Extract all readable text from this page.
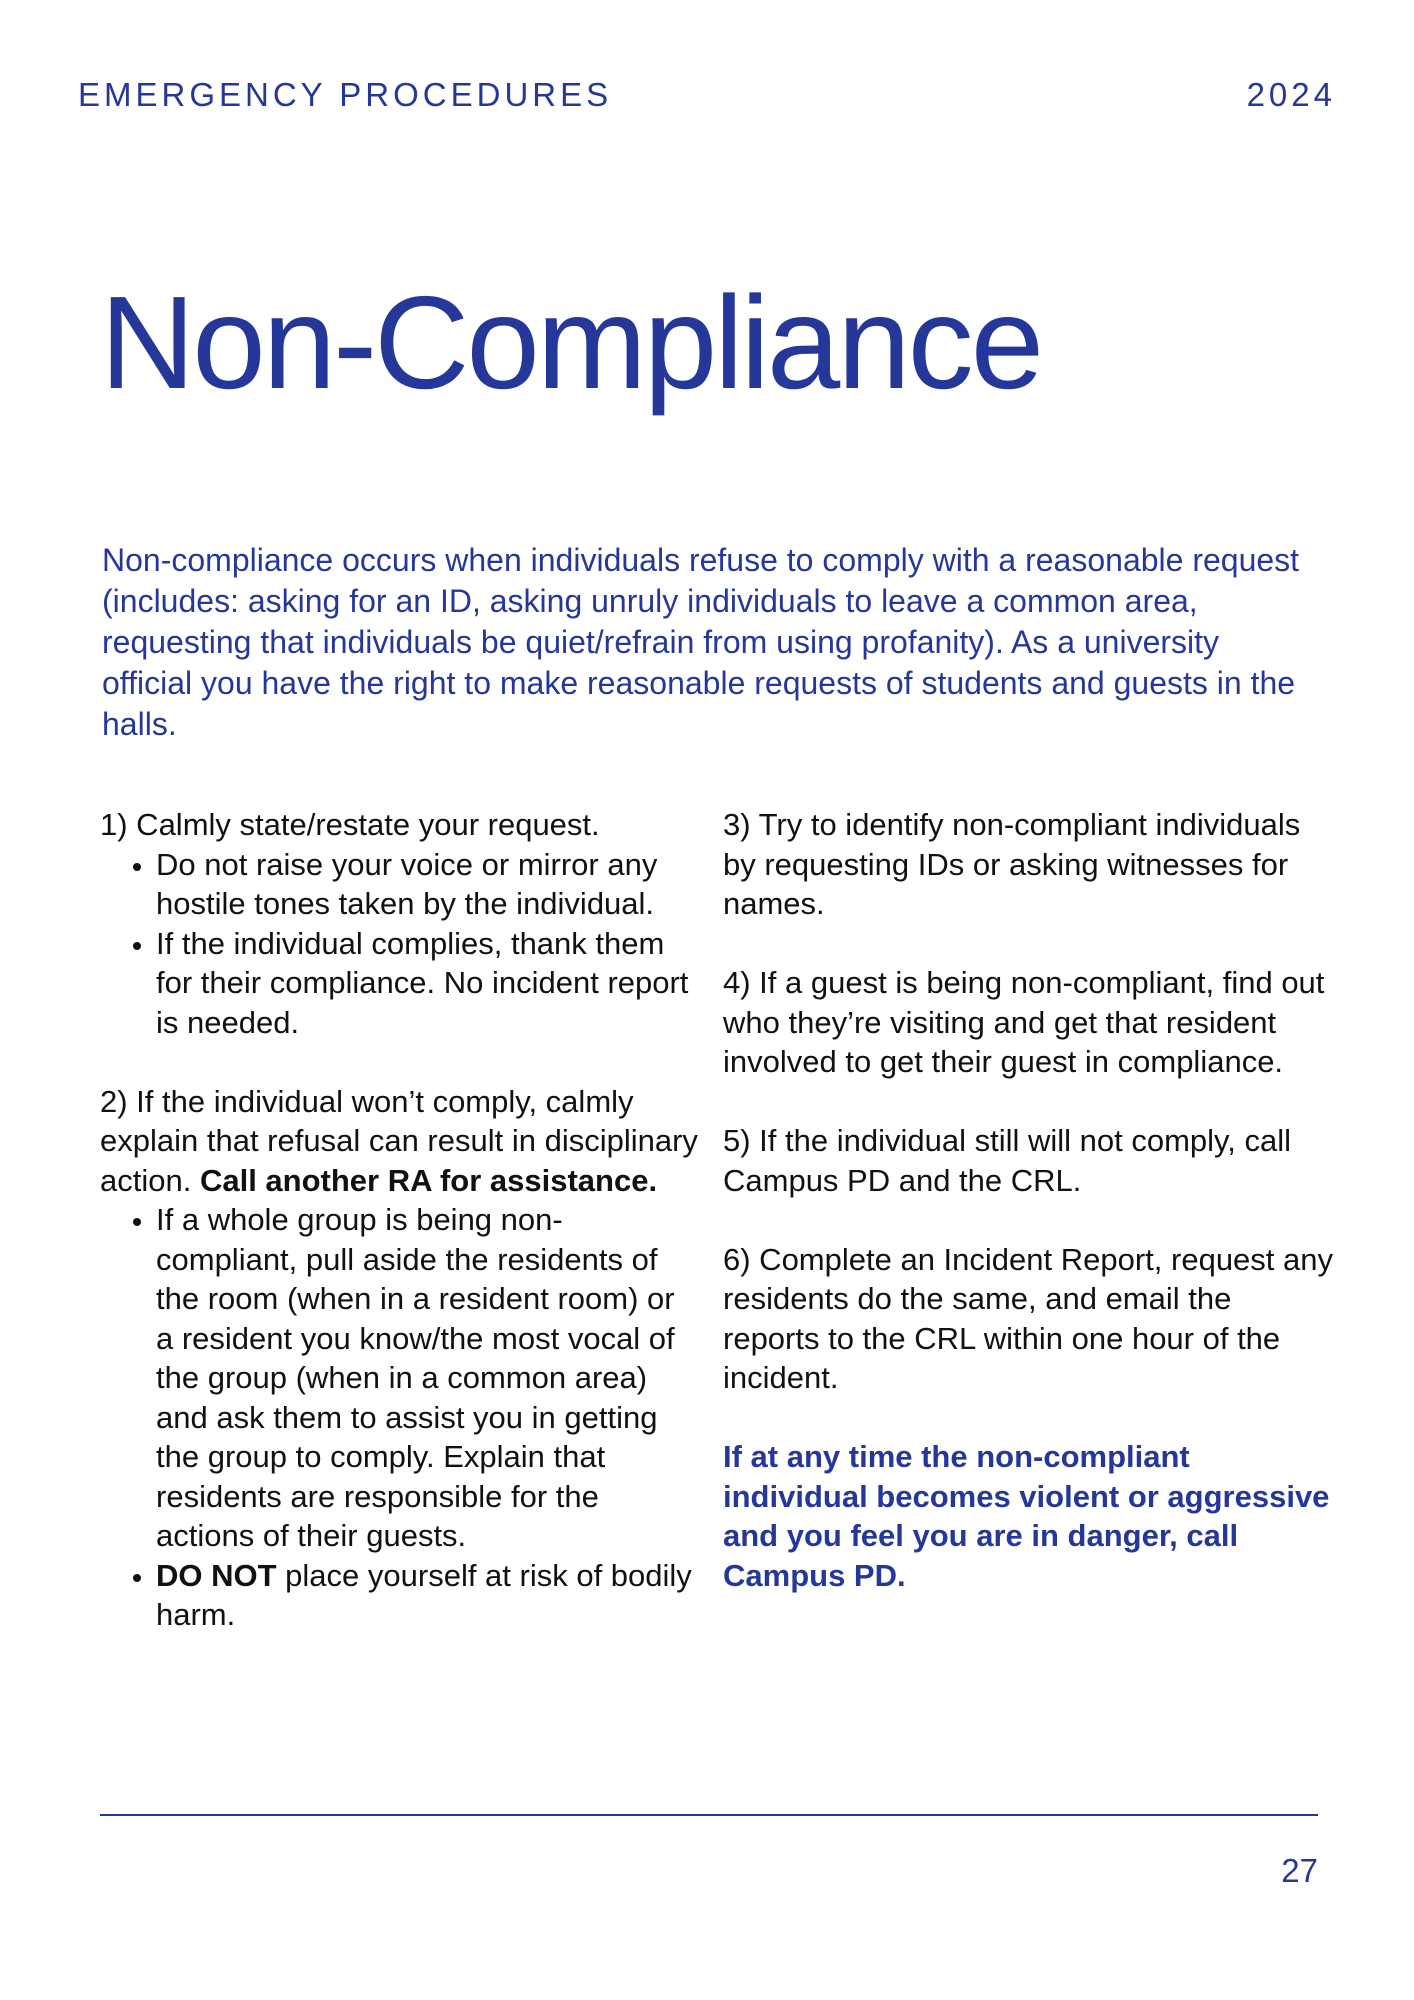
EMERGENCY PROCEDURES	2024
Non-Compliance

Non-compliance occurs when individuals refuse to comply with a reasonable request (includes: asking for an ID, asking unruly individuals to leave a common area, requesting that individuals be quiet/refrain from using profanity). As a university official you have the right to make reasonable requests of students and guests in the halls.

1) Calmly state/restate your request.

• Do not raise your voice or mirror any hostile tones taken by the individual.
• If the individual complies, thank them for their compliance. No incident report is needed.

2) If the individual won’t comply, calmly explain that refusal can result in disciplinary action. Call another RA for assistance.

• If a whole group is being non-compliant, pull aside the residents of the room (when in a resident room) or a resident you know/the most vocal of the group (when in a common area) and ask them to assist you in getting the group to comply. Explain that residents are responsible for the actions of their guests.
• DO NOT place yourself at risk of bodily harm.

3) Try to identify non-compliant individuals by requesting IDs or asking witnesses for names.

4) If a guest is being non-compliant, find out who they’re visiting and get that resident involved to get their guest in compliance.

5) If the individual still will not comply, call Campus PD and the CRL.

6) Complete an Incident Report, request any residents do the same, and email the reports to the CRL within one hour of the incident.

If at any time the non-compliant individual becomes violent or aggressive and you feel you are in danger, call Campus PD.

27
